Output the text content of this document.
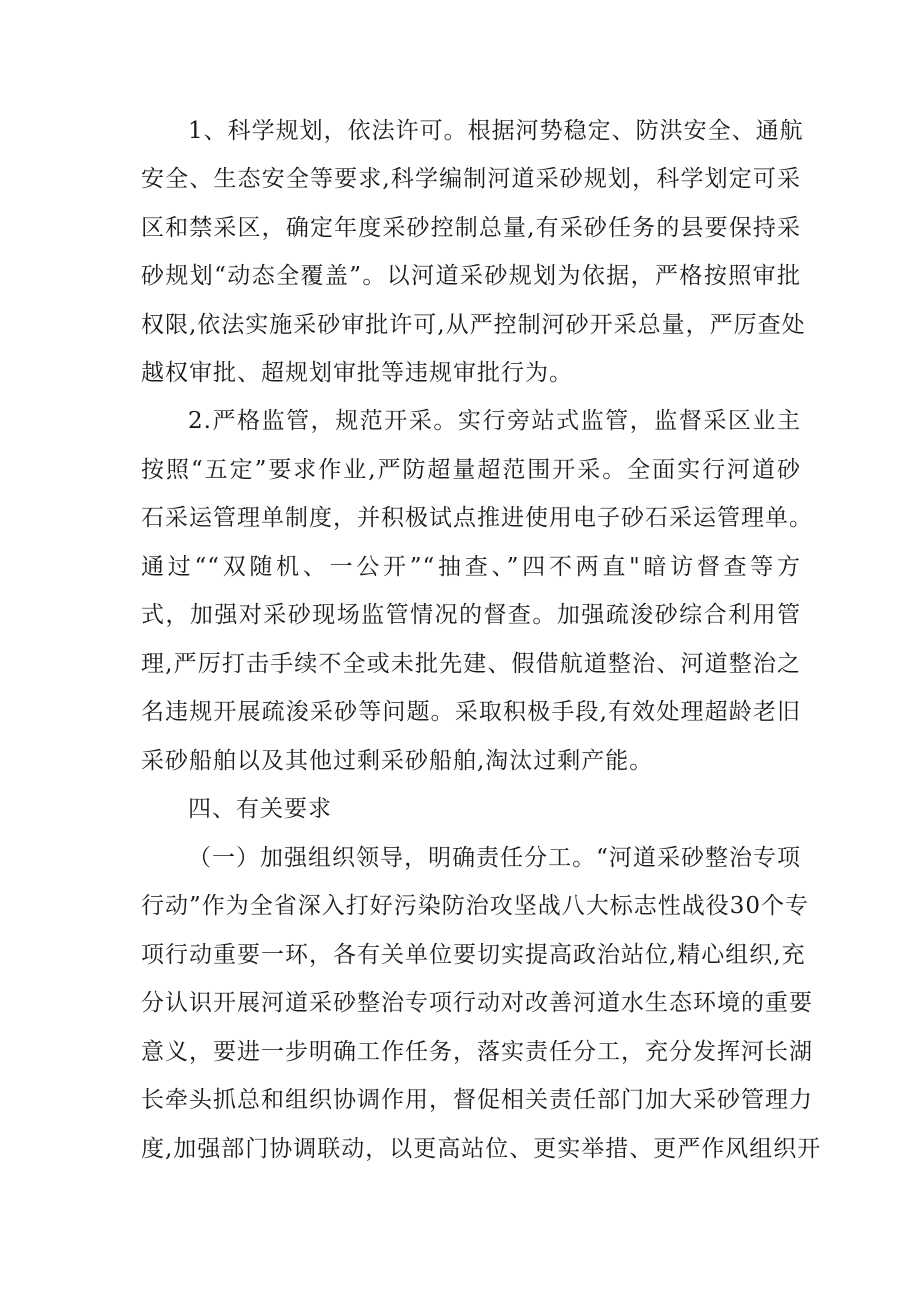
1、科学规划，依法许可。根据河势稳定、防洪安全、通航
安全、生态安全等要求,科学编制河道采砂规划，科学划定可采
区和禁采区，确定年度采砂控制总量,有采砂任务的县要保持采
砂规划“动态全覆盖”。以河道采砂规划为依据，严格按照审批
权限,依法实施采砂审批许可,从严控制河砂开采总量，严厉查处
越权审批、超规划审批等违规审批行为。
2.严格监管，规范开采。实行旁站式监管，监督采区业主
按照“五定”要求作业,严防超量超范围开采。全面实行河道砂
石采运管理单制度，并积极试点推进使用电子砂石采运管理单。
通过““双随机、一公开”“抽查、”四不两直"暗访督查等方
式，加强对采砂现场监管情况的督查。加强疏浚砂综合利用管
理,严厉打击手续不全或未批先建、假借航道整治、河道整治之
名违规开展疏浚采砂等问题。采取积极手段,有效处理超龄老旧
采砂船舶以及其他过剩采砂船舶,淘汰过剩产能。
四、有关要求
（一）加强组织领导，明确责任分工。“河道采砂整治专项
行动”作为全省深入打好污染防治攻坚战八大标志性战役30个专
项行动重要一环，各有关单位要切实提高政治站位,精心组织,充
分认识开展河道采砂整治专项行动对改善河道水生态环境的重要
意义，要进一步明确工作任务，落实责任分工，充分发挥河长湖
长牵头抓总和组织协调作用，督促相关责任部门加大采砂管理力
度,加强部门协调联动，以更高站位、更实举措、更严作风组织开
